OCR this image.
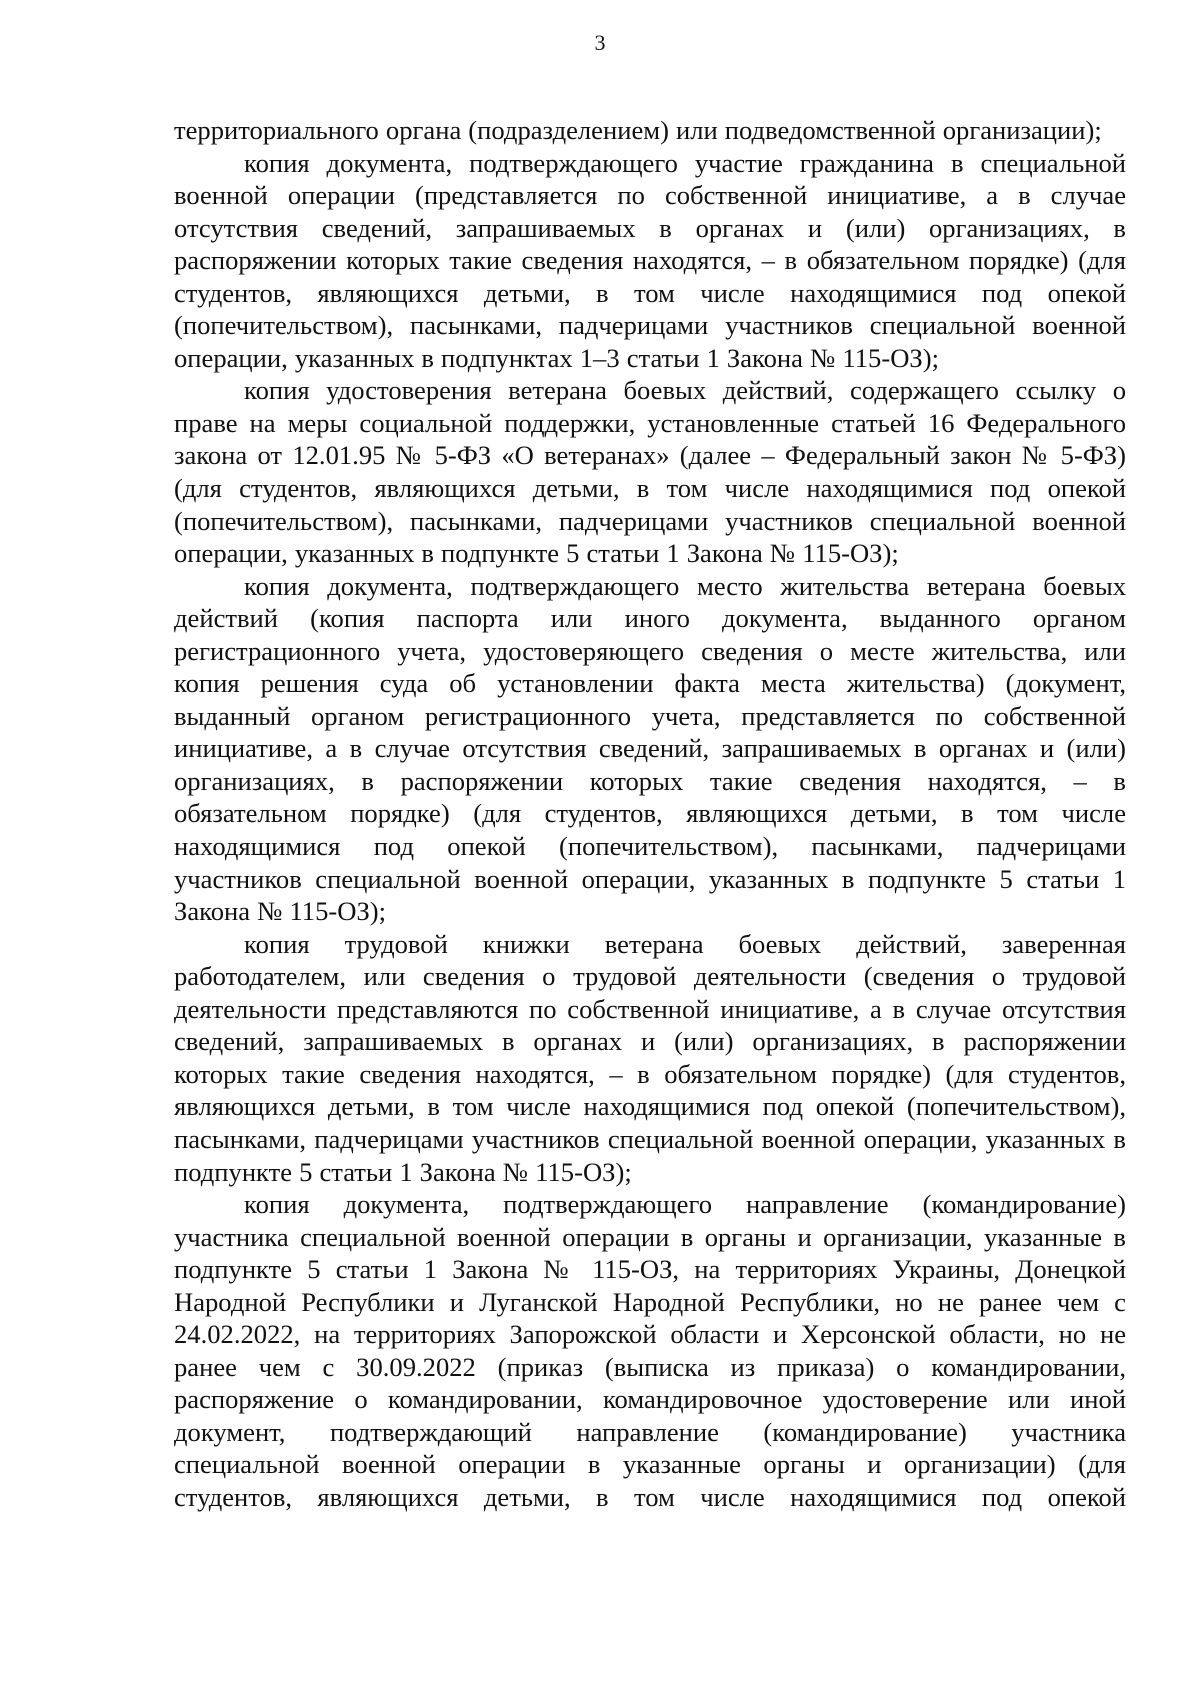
3

территориального органа (подразделением) или подведомственной организации);

копия документа, подтверждающего участие гражданина в специальной военной операции (представляется по собственной инициативе, а в случае отсутствия сведений, запрашиваемых в органах и (или) организациях, в распоряжении которых такие сведения находятся, – в обязательном порядке) (для студентов, являющихся детьми, в том числе находящимися под опекой (попечительством), пасынками, падчерицами участников специальной военной операции, указанных в подпунктах 1–3 статьи 1 Закона № 115-ОЗ);

копия удостоверения ветерана боевых действий, содержащего ссылку о праве на меры социальной поддержки, установленные статьей 16 Федерального закона от 12.01.95 № 5-ФЗ «О ветеранах» (далее – Федеральный закон № 5-ФЗ) (для студентов, являющихся детьми, в том числе находящимися под опекой (попечительством), пасынками, падчерицами участников специальной военной операции, указанных в подпункте 5 статьи 1 Закона № 115-ОЗ);

копия документа, подтверждающего место жительства ветерана боевых действий (копия паспорта или иного документа, выданного органом регистрационного учета, удостоверяющего сведения о месте жительства, или копия решения суда об установлении факта места жительства) (документ, выданный органом регистрационного учета, представляется по собственной инициативе, а в случае отсутствия сведений, запрашиваемых в органах и (или) организациях, в распоряжении которых такие сведения находятся, – в обязательном порядке) (для студентов, являющихся детьми, в том числе находящимися под опекой (попечительством), пасынками, падчерицами участников специальной военной операции, указанных в подпункте 5 статьи 1 Закона № 115-ОЗ);

копия трудовой книжки ветерана боевых действий, заверенная работодателем, или сведения о трудовой деятельности (сведения о трудовой деятельности представляются по собственной инициативе, а в случае отсутствия сведений, запрашиваемых в органах и (или) организациях, в распоряжении которых такие сведения находятся, – в обязательном порядке) (для студентов, являющихся детьми, в том числе находящимися под опекой (попечительством), пасынками, падчерицами участников специальной военной операции, указанных в подпункте 5 статьи 1 Закона № 115-ОЗ);

копия документа, подтверждающего направление (командирование) участника специальной военной операции в органы и организации, указанные в подпункте 5 статьи 1 Закона № 115-ОЗ, на территориях Украины, Донецкой Народной Республики и Луганской Народной Республики, но не ранее чем с 24.02.2022, на территориях Запорожской области и Херсонской области, но не ранее чем с 30.09.2022 (приказ (выписка из приказа) о командировании, распоряжение о командировании, командировочное удостоверение или иной документ, подтверждающий направление (командирование) участника специальной военной операции в указанные органы и организации) (для студентов, являющихся детьми, в том числе находящимися под опекой
